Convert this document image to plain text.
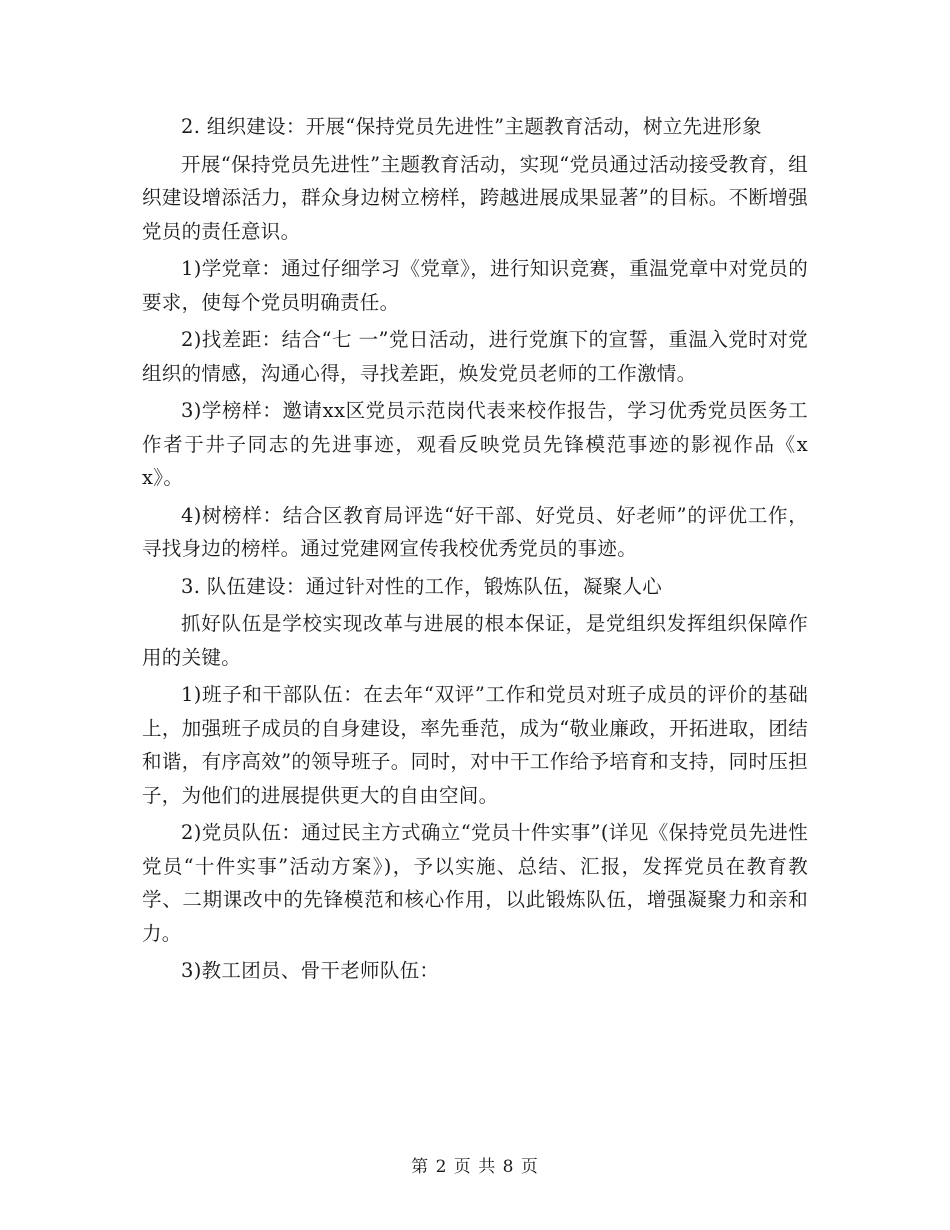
2. 组织建设：开展“保持党员先进性”主题教育活动，树立先进形象

开展“保持党员先进性”主题教育活动，实现“党员通过活动接受教育，组织建设增添活力，群众身边树立榜样，跨越进展成果显著”的目标。不断增强党员的责任意识。

1)学党章：通过仔细学习《党章》，进行知识竞赛，重温党章中对党员的要求，使每个党员明确责任。

2)找差距：结合“七 一”党日活动，进行党旗下的宣誓，重温入党时对党组织的情感，沟通心得，寻找差距，焕发党员老师的工作激情。

3)学榜样：邀请xx区党员示范岗代表来校作报告，学习优秀党员医务工作者于井子同志的先进事迹，观看反映党员先锋模范事迹的影视作品《xx》。

4)树榜样：结合区教育局评选“好干部、好党员、好老师”的评优工作，寻找身边的榜样。通过党建网宣传我校优秀党员的事迹。

3. 队伍建设：通过针对性的工作，锻炼队伍，凝聚人心

抓好队伍是学校实现改革与进展的根本保证，是党组织发挥组织保障作用的关键。

1)班子和干部队伍：在去年“双评”工作和党员对班子成员的评价的基础上，加强班子成员的自身建设，率先垂范，成为“敬业廉政，开拓进取，团结和谐，有序高效”的领导班子。同时，对中干工作给予培育和支持，同时压担子，为他们的进展提供更大的自由空间。

2)党员队伍：通过民主方式确立“党员十件实事”(详见《保持党员先进性 党员“十件实事”活动方案》)，予以实施、总结、汇报，发挥党员在教育教学、二期课改中的先锋模范和核心作用，以此锻炼队伍，增强凝聚力和亲和力。

3)教工团员、骨干老师队伍：

第 2 页 共 8 页
